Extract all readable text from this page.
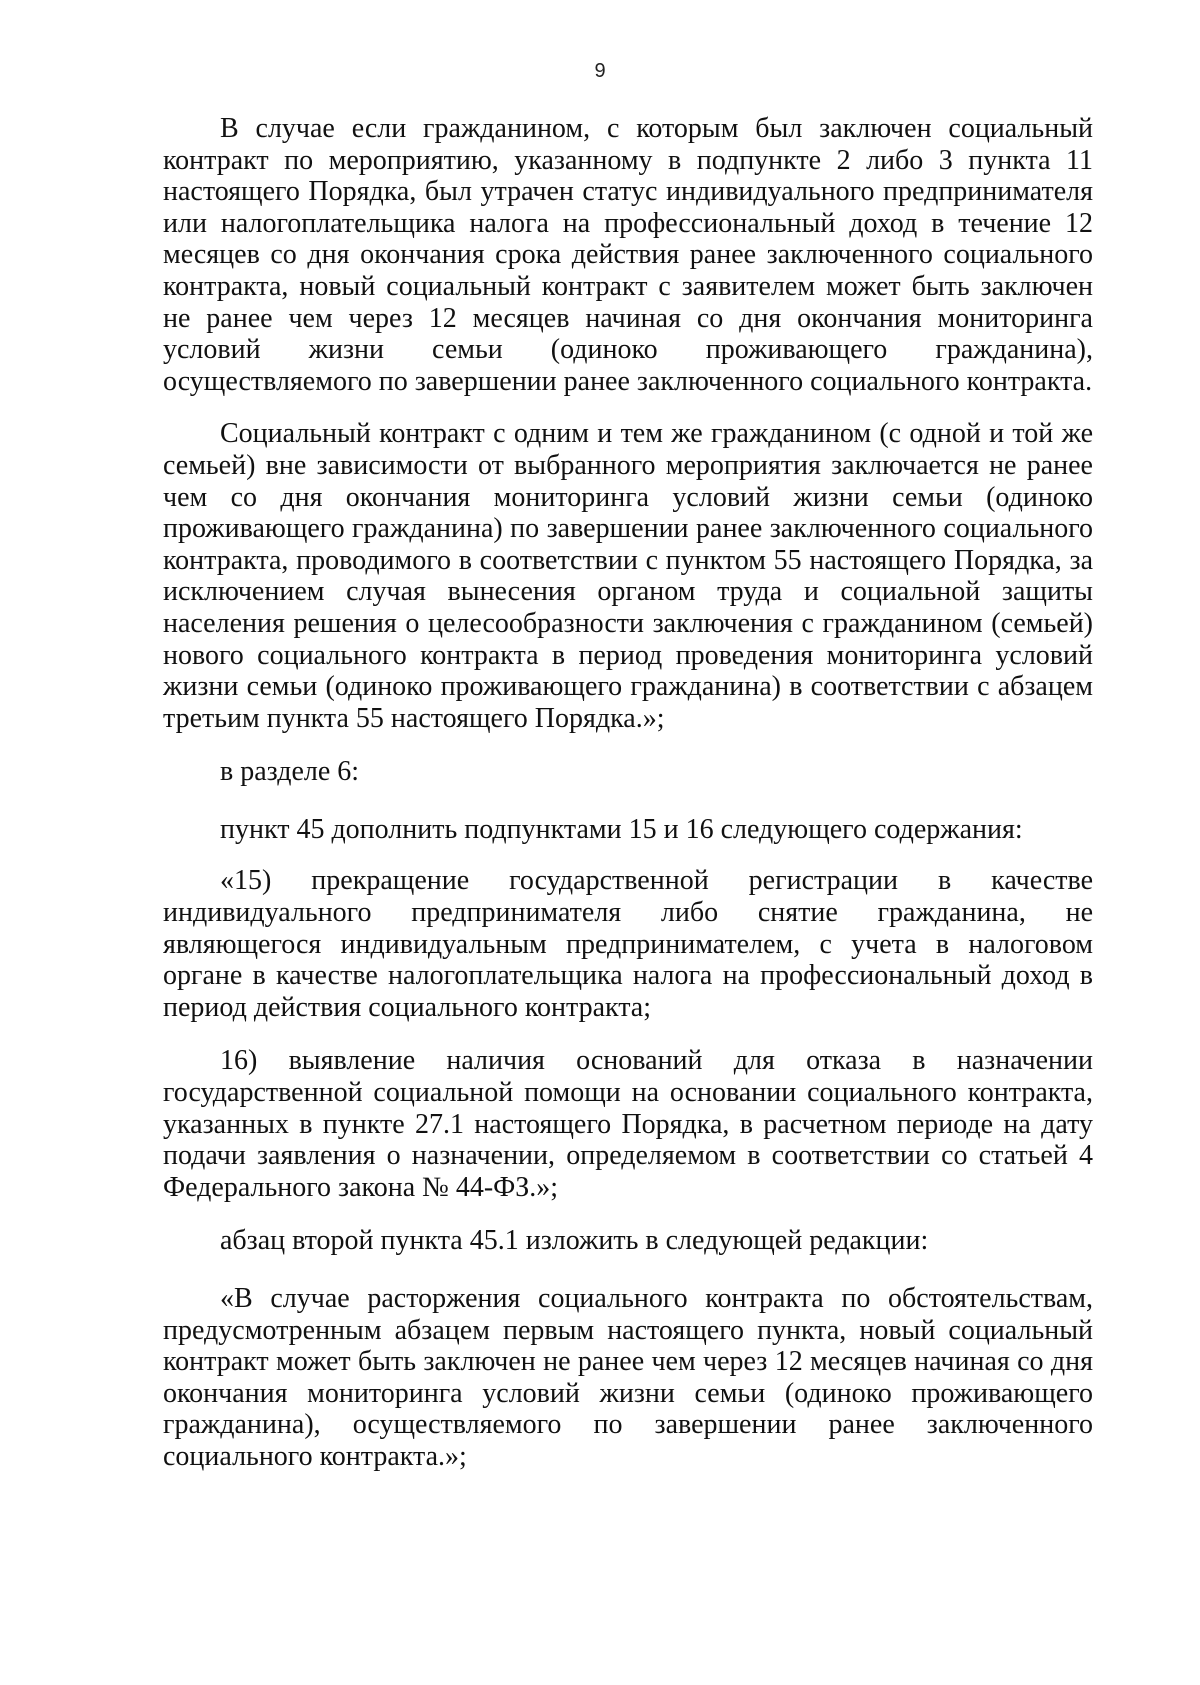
9

В случае если гражданином, с которым был заключен социальный контракт по мероприятию, указанному в подпункте 2 либо 3 пункта 11 настоящего Порядка, был утрачен статус индивидуального предпринимателя или налогоплательщика налога на профессиональный доход в течение 12 месяцев со дня окончания срока действия ранее заключенного социального контракта, новый социальный контракт с заявителем может быть заключен не ранее чем через 12 месяцев начиная со дня окончания мониторинга условий жизни семьи (одиноко проживающего гражданина), осуществляемого по завершении ранее заключенного социального контракта.

Социальный контракт с одним и тем же гражданином (с одной и той же семьей) вне зависимости от выбранного мероприятия заключается не ранее чем со дня окончания мониторинга условий жизни семьи (одиноко проживающего гражданина) по завершении ранее заключенного социального контракта, проводимого в соответствии с пунктом 55 настоящего Порядка, за исключением случая вынесения органом труда и социальной защиты населения решения о целесообразности заключения с гражданином (семьей) нового социального контракта в период проведения мониторинга условий жизни семьи (одиноко проживающего гражданина) в соответствии с абзацем третьим пункта 55 настоящего Порядка.»;

в разделе 6:

пункт 45 дополнить подпунктами 15 и 16 следующего содержания:

«15) прекращение государственной регистрации в качестве индивидуального предпринимателя либо снятие гражданина, не являющегося индивидуальным предпринимателем, с учета в налоговом органе в качестве налогоплательщика налога на профессиональный доход в период действия социального контракта;

16) выявление наличия оснований для отказа в назначении государственной социальной помощи на основании социального контракта, указанных в пункте 27.1 настоящего Порядка, в расчетном периоде на дату подачи заявления о назначении, определяемом в соответствии со статьей 4 Федерального закона № 44-ФЗ.»;

абзац второй пункта 45.1 изложить в следующей редакции:

«В случае расторжения социального контракта по обстоятельствам, предусмотренным абзацем первым настоящего пункта, новый социальный контракт может быть заключен не ранее чем через 12 месяцев начиная со дня окончания мониторинга условий жизни семьи (одиноко проживающего гражданина), осуществляемого по завершении ранее заключенного социального контракта.»;
